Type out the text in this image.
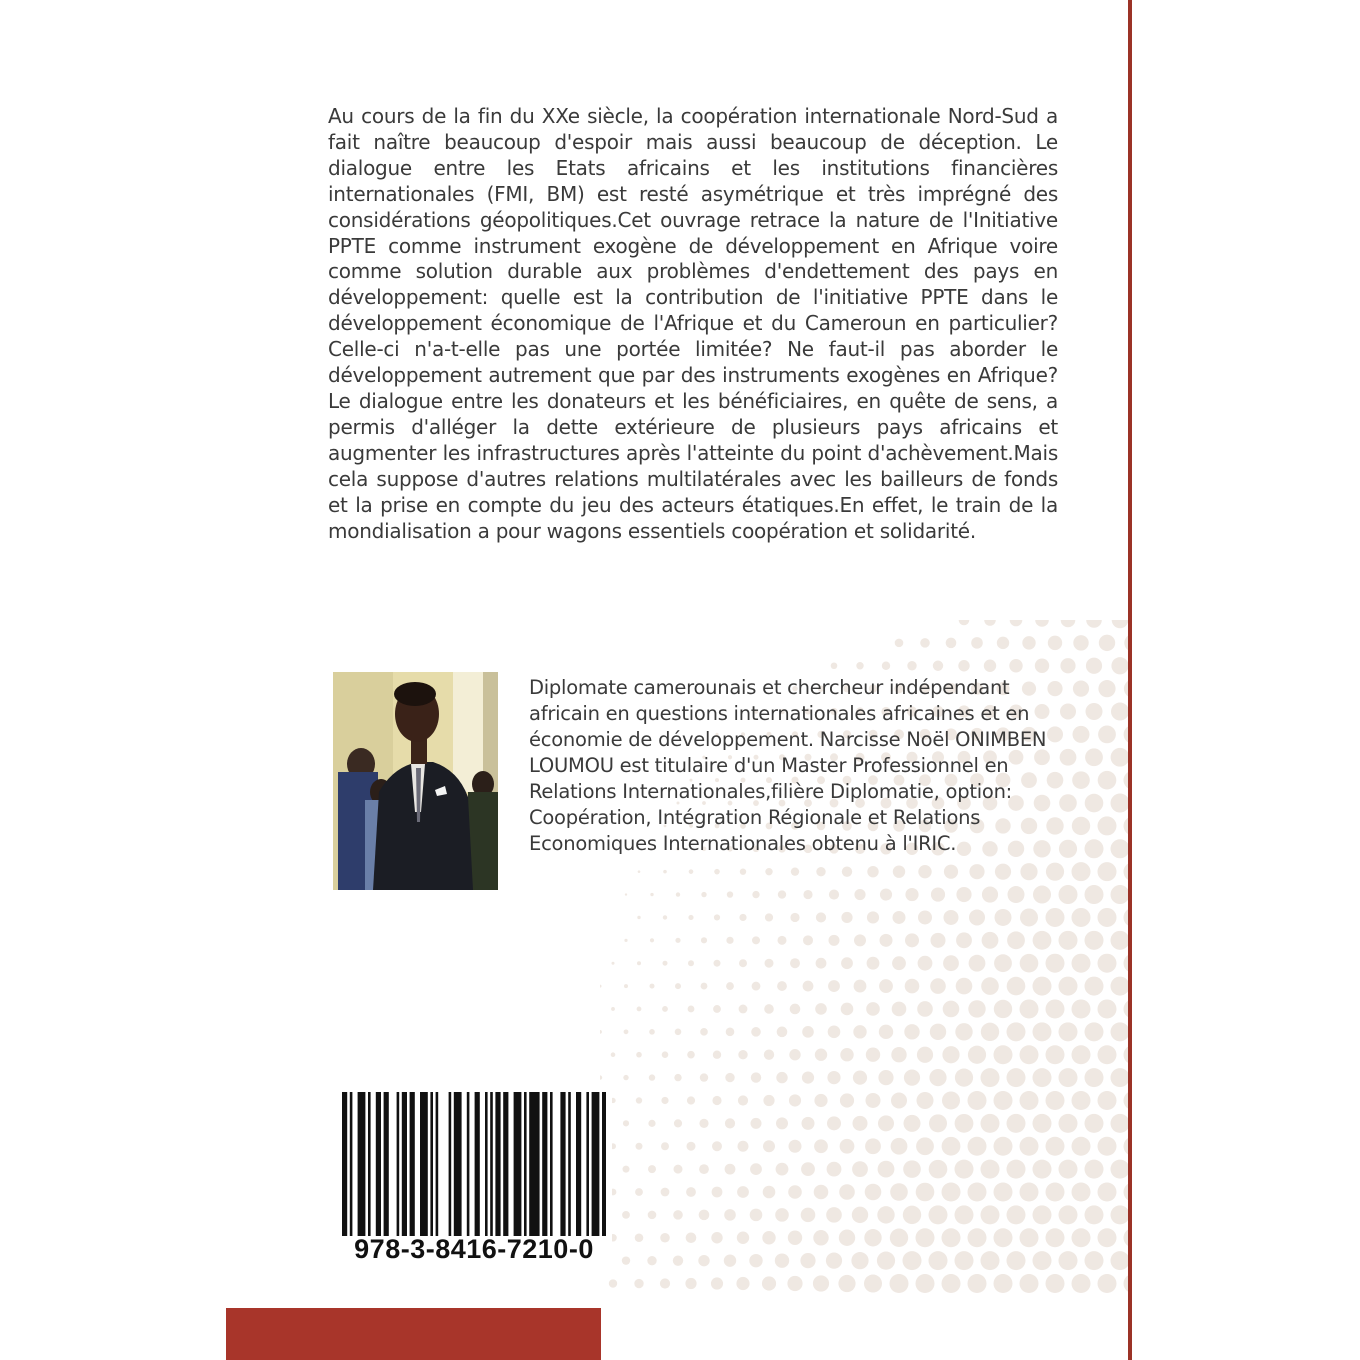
Au cours de la fin du XXe siècle, la coopération internationale Nord-Sud a fait naître beaucoup d'espoir mais aussi beaucoup de déception. Le dialogue entre les Etats africains et les institutions financières internationales (FMI, BM) est resté asymétrique et très imprégné des considérations géopolitiques.Cet ouvrage retrace la nature de l'Initiative PPTE comme instrument exogène de développement en Afrique voire comme solution durable aux problèmes d'endettement des pays en développement: quelle est la contribution de l'initiative PPTE dans le développement économique de l'Afrique et du Cameroun en particulier? Celle-ci n'a-t-elle pas une portée limitée? Ne faut-il pas aborder le développement autrement que par des instruments exogènes en Afrique? Le dialogue entre les donateurs et les bénéficiaires, en quête de sens, a permis d'alléger la dette extérieure de plusieurs pays africains et augmenter les infrastructures après l'atteinte du point d'achèvement.Mais cela suppose d'autres relations multilatérales avec les bailleurs de fonds et la prise en compte du jeu des acteurs étatiques.En effet, le train de la mondialisation a pour wagons essentiels coopération et solidarité.

Diplomate camerounais et chercheur indépendant africain en questions internationales africaines et en économie de développement. Narcisse Noël ONIMBEN LOUMOU est titulaire d'un Master Professionnel en Relations Internationales,filière Diplomatie, option: Coopération, Intégration Régionale et Relations Economiques Internationales obtenu à l'IRIC.

978-3-8416-7210-0
